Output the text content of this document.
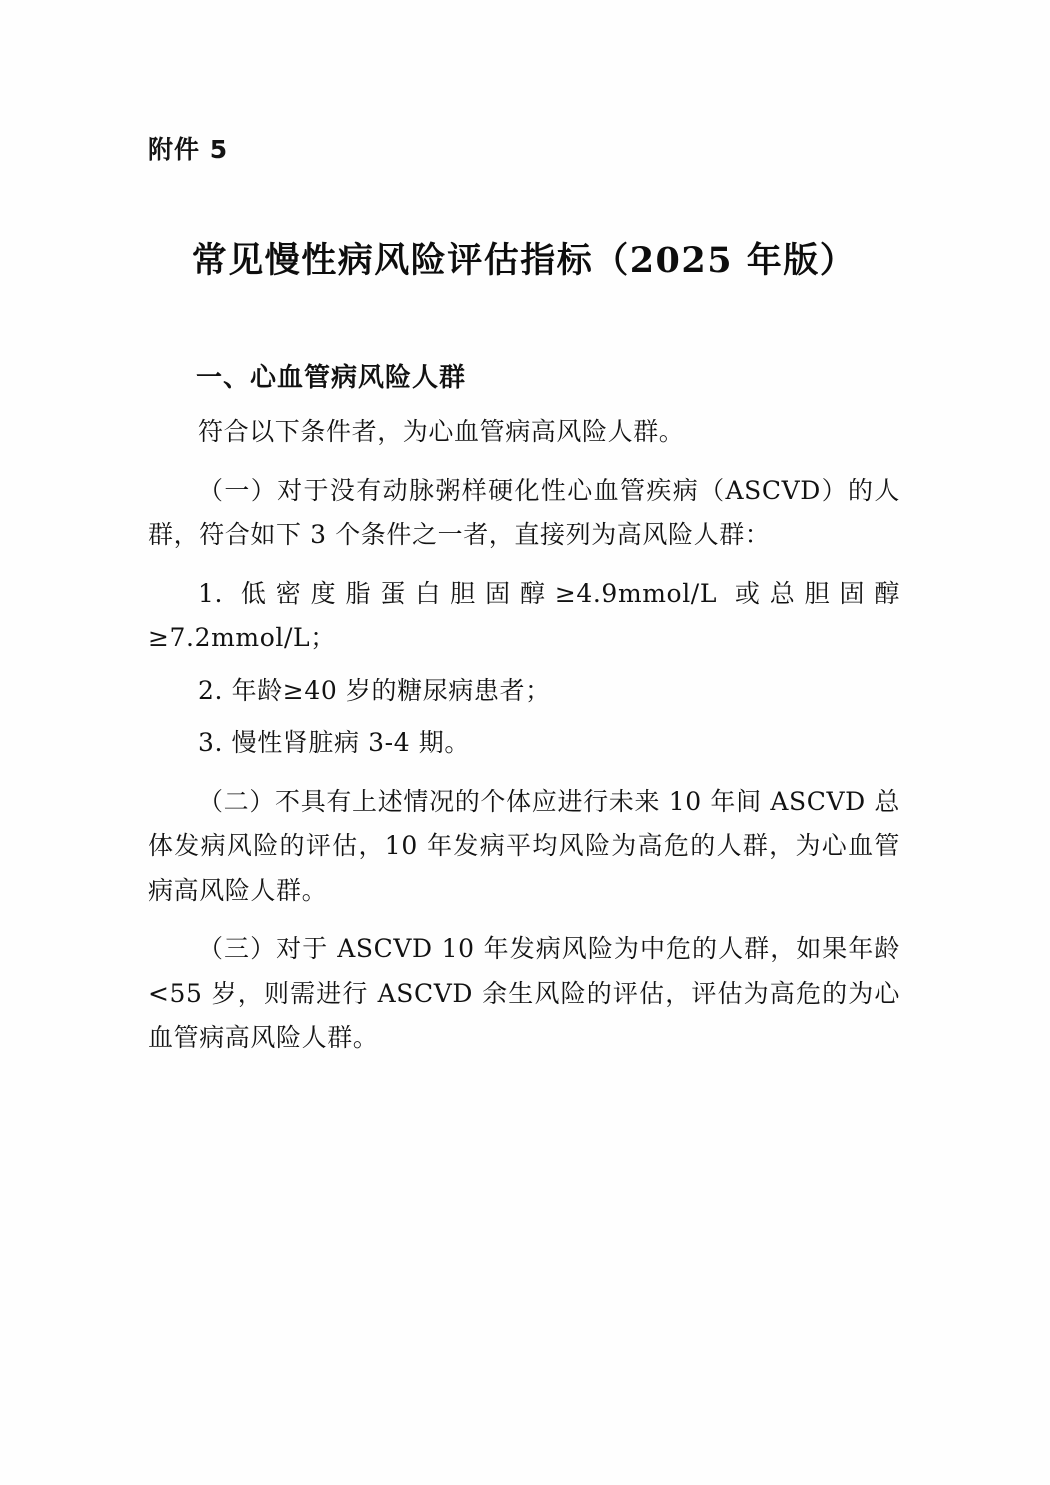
附件 5
常见慢性病风险评估指标（2025 年版）
一、心血管病风险人群

符合以下条件者，为心血管病高风险人群。

（一）对于没有动脉粥样硬化性心血管疾病（ASCVD）的人群，符合如下 3 个条件之一者，直接列为高风险人群：

1. 低密度脂蛋白胆固醇≥4.9mmol/L 或总胆固醇≥7.2mmol/L；

2. 年龄≥40 岁的糖尿病患者；

3. 慢性肾脏病 3-4 期。

（二）不具有上述情况的个体应进行未来 10 年间 ASCVD 总体发病风险的评估，10 年发病平均风险为高危的人群，为心血管病高风险人群。

（三）对于 ASCVD 10 年发病风险为中危的人群，如果年龄<55 岁，则需进行 ASCVD 余生风险的评估，评估为高危的为心血管病高风险人群。
